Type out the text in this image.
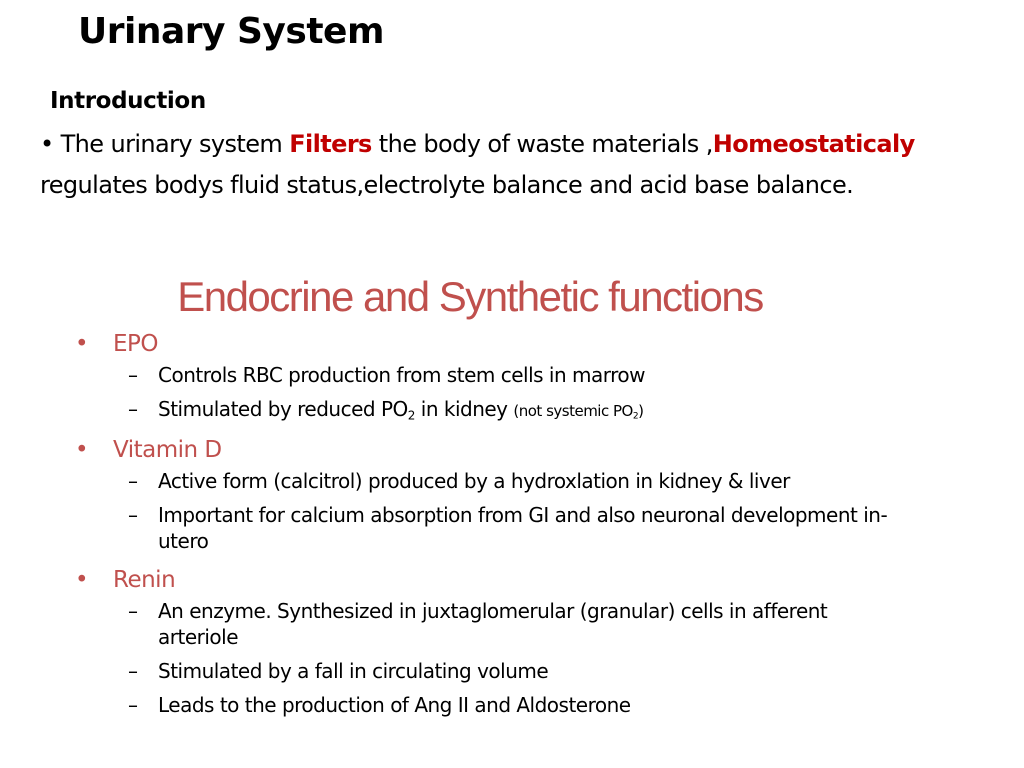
Urinary System
Introduction
• The urinary system Filters the body of waste materials ,Homeostaticaly regulates bodys fluid status,electrolyte balance and acid base balance.
Endocrine and Synthetic functions
• EPO
– Controls RBC production from stem cells in marrow
– Stimulated by reduced $PO_2$ in kidney (not systemic $PO_2$)
• Vitamin D
– Active form (calcitrol) produced by a hydroxlation in kidney & liver
– Important for calcium absorption from GI and also neuronal development in-utero
• Renin
– An enzyme. Synthesized in juxtaglomerular (granular) cells in afferent arteriole
– Stimulated by a fall in circulating volume
– Leads to the production of Ang II and Aldosterone
